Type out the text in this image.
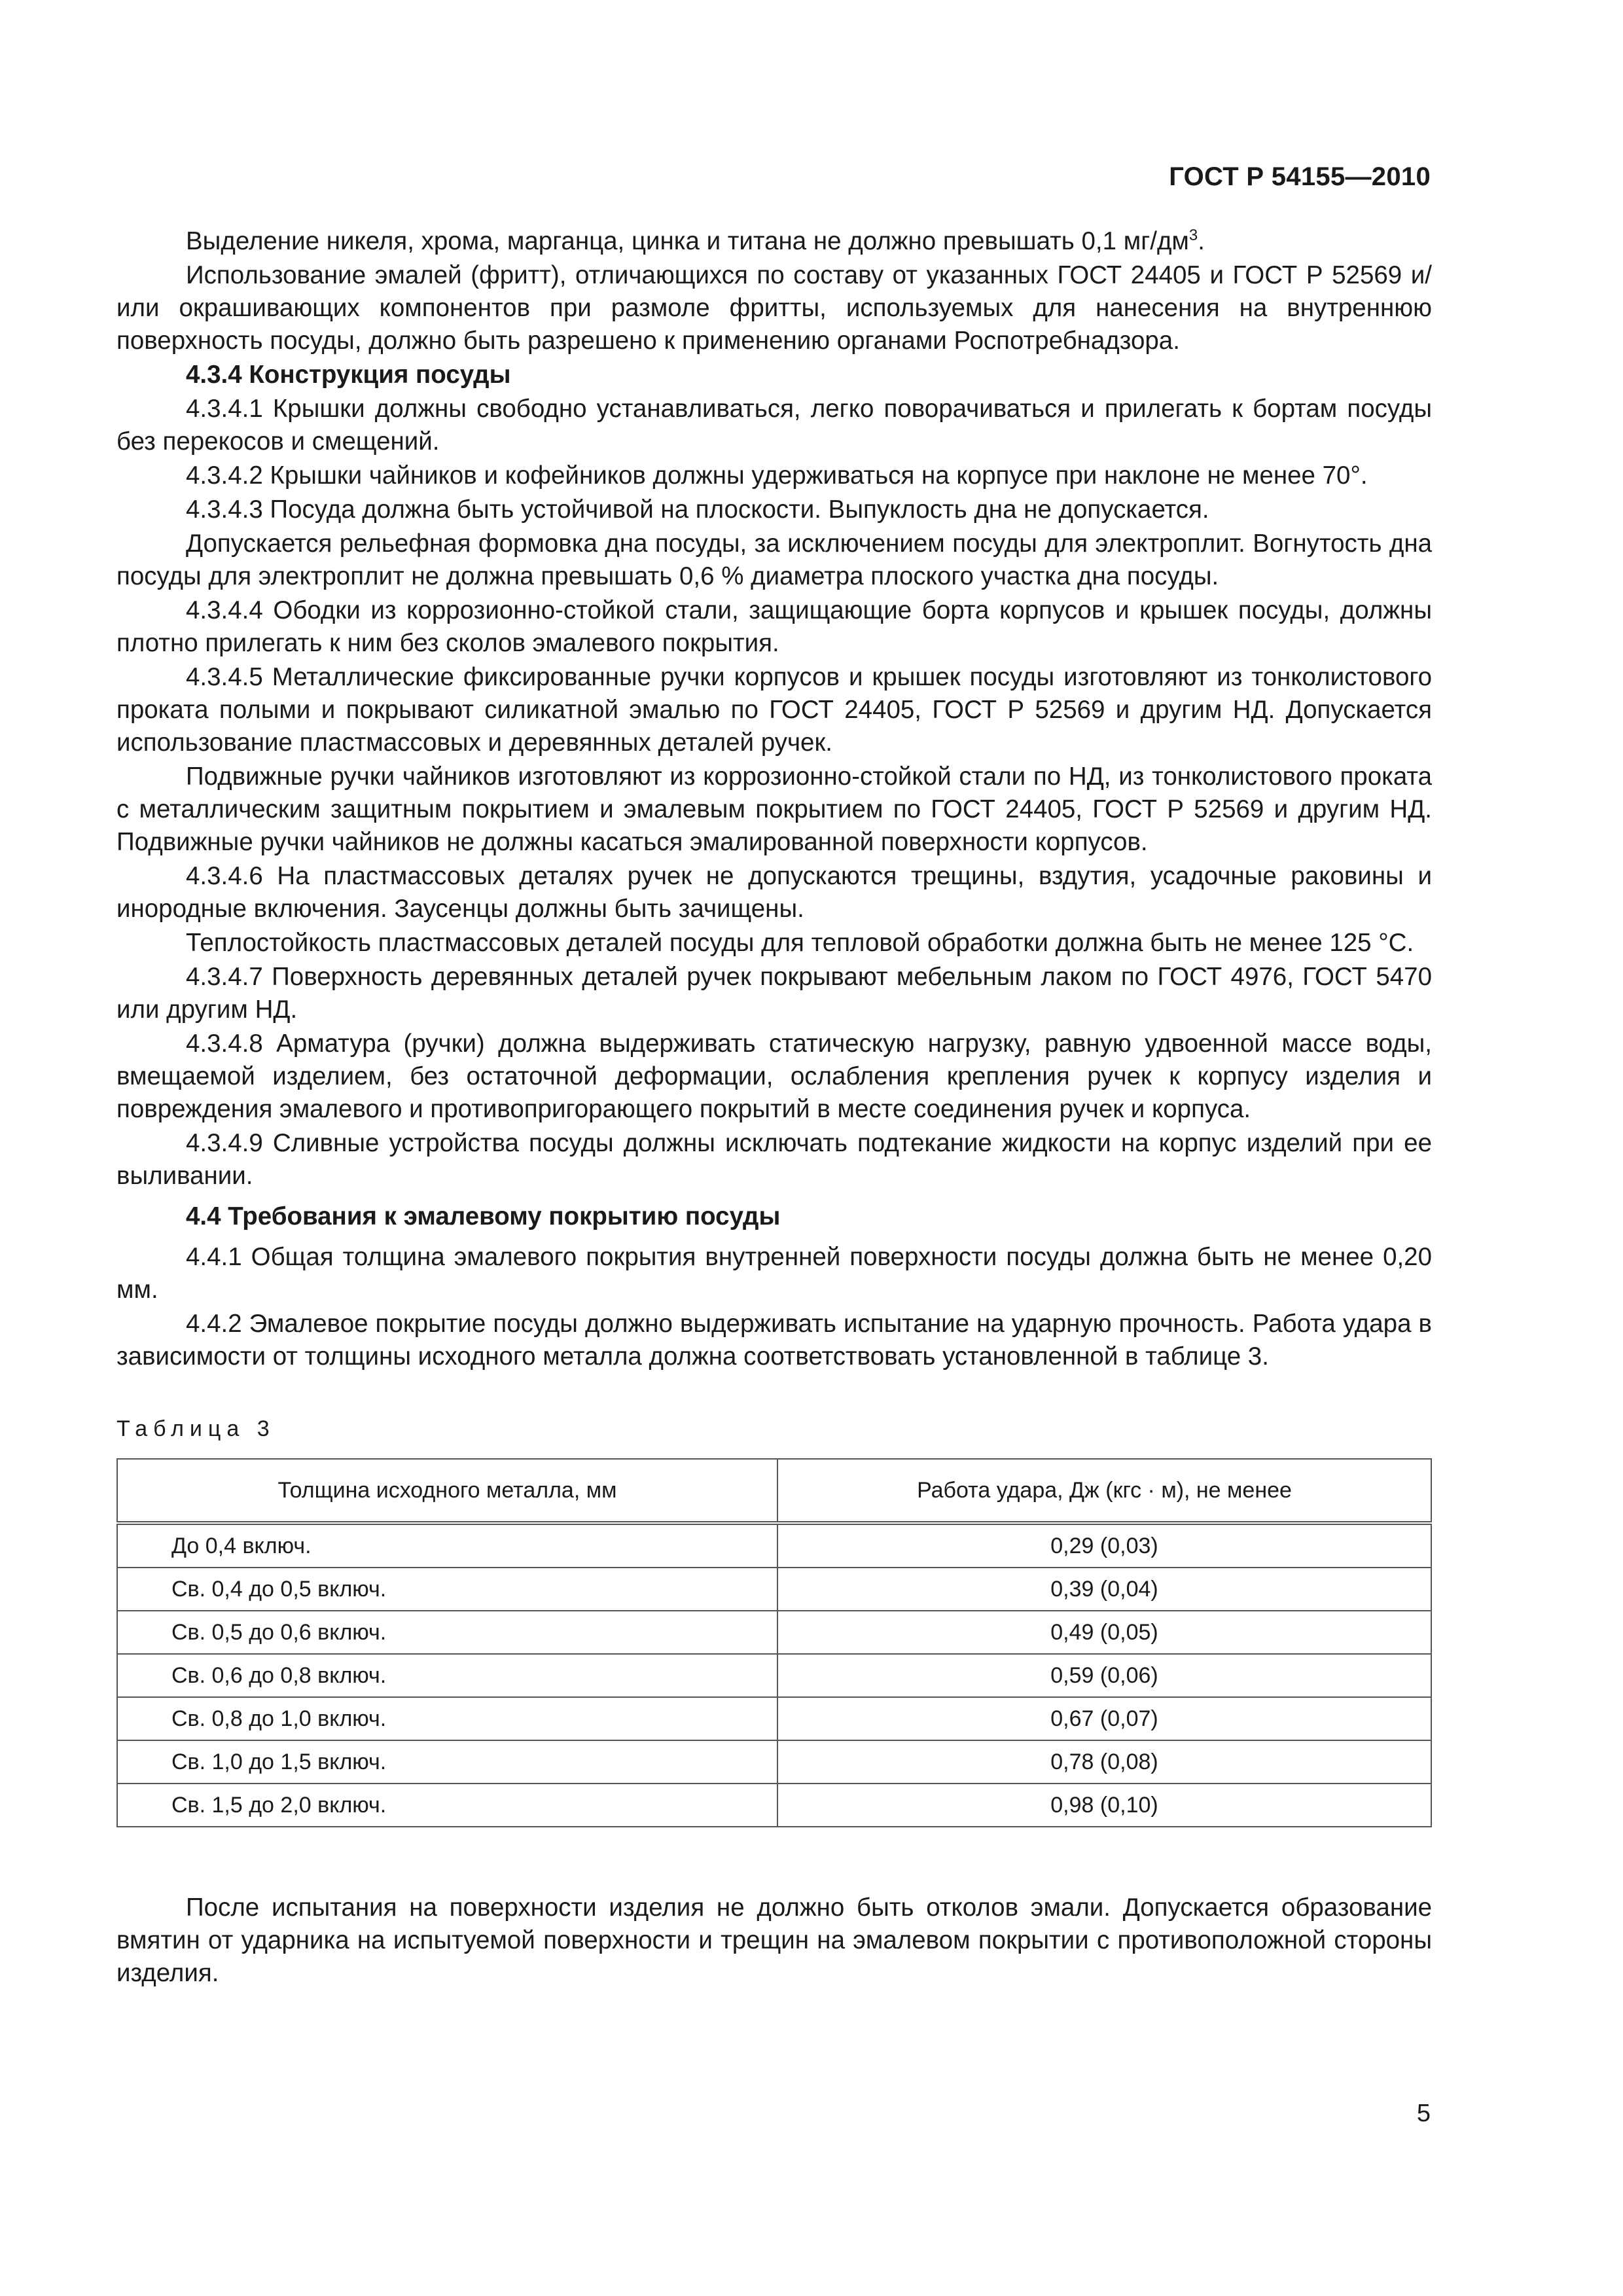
ГОСТ Р 54155—2010

Выделение никеля, хрома, марганца, цинка и титана не должно превышать 0,1 $мг/дм^3$.

Использование эмалей (фритт), отличающихся по составу от указанных ГОСТ 24405 и ГОСТ Р 52569 и/или окрашивающих компонентов при размоле фритты, используемых для нанесения на внутреннюю поверхность посуды, должно быть разрешено к применению органами Роспотребнадзора.

4.3.4 Конструкция посуды

4.3.4.1 Крышки должны свободно устанавливаться, легко поворачиваться и прилегать к бортам посуды без перекосов и смещений.

4.3.4.2 Крышки чайников и кофейников должны удерживаться на корпусе при наклоне не менее 70°.

4.3.4.3 Посуда должна быть устойчивой на плоскости. Выпуклость дна не допускается.

Допускается рельефная формовка дна посуды, за исключением посуды для электроплит. Вогнутость дна посуды для электроплит не должна превышать 0,6 % диаметра плоского участка дна посуды.

4.3.4.4 Ободки из коррозионно-стойкой стали, защищающие борта корпусов и крышек посуды, должны плотно прилегать к ним без сколов эмалевого покрытия.

4.3.4.5 Металлические фиксированные ручки корпусов и крышек посуды изготовляют из тонколистового проката полыми и покрывают силикатной эмалью по ГОСТ 24405, ГОСТ Р 52569 и другим НД. Допускается использование пластмассовых и деревянных деталей ручек.

Подвижные ручки чайников изготовляют из коррозионно-стойкой стали по НД, из тонколистового проката с металлическим защитным покрытием и эмалевым покрытием по ГОСТ 24405, ГОСТ Р 52569 и другим НД. Подвижные ручки чайников не должны касаться эмалированной поверхности корпусов.

4.3.4.6 На пластмассовых деталях ручек не допускаются трещины, вздутия, усадочные раковины и инородные включения. Заусенцы должны быть зачищены.

Теплостойкость пластмассовых деталей посуды для тепловой обработки должна быть не менее 125 °С.

4.3.4.7 Поверхность деревянных деталей ручек покрывают мебельным лаком по ГОСТ 4976, ГОСТ 5470 или другим НД.

4.3.4.8 Арматура (ручки) должна выдерживать статическую нагрузку, равную удвоенной массе воды, вмещаемой изделием, без остаточной деформации, ослабления крепления ручек к корпусу изделия и повреждения эмалевого и противопригорающего покрытий в месте соединения ручек и корпуса.

4.3.4.9 Сливные устройства посуды должны исключать подтекание жидкости на корпус изделий при ее выливании.

4.4 Требования к эмалевому покрытию посуды

4.4.1 Общая толщина эмалевого покрытия внутренней поверхности посуды должна быть не менее 0,20 мм.

4.4.2 Эмалевое покрытие посуды должно выдерживать испытание на ударную прочность. Работа удара в зависимости от толщины исходного металла должна соответствовать установленной в таблице 3.

Таблица 3
Толщина исходного металла, мм	Работа удара, Дж (кгс · м), не менее
До 0,4 включ.	0,29 (0,03)
Св. 0,4 до 0,5 включ.	0,39 (0,04)
Св. 0,5 до 0,6 включ.	0,49 (0,05)
Св. 0,6 до 0,8 включ.	0,59 (0,06)
Св. 0,8 до 1,0 включ.	0,67 (0,07)
Св. 1,0 до 1,5 включ.	0,78 (0,08)
Св. 1,5 до 2,0 включ.	0,98 (0,10)

После испытания на поверхности изделия не должно быть отколов эмали. Допускается образование вмятин от ударника на испытуемой поверхности и трещин на эмалевом покрытии с противоположной стороны изделия.

5
